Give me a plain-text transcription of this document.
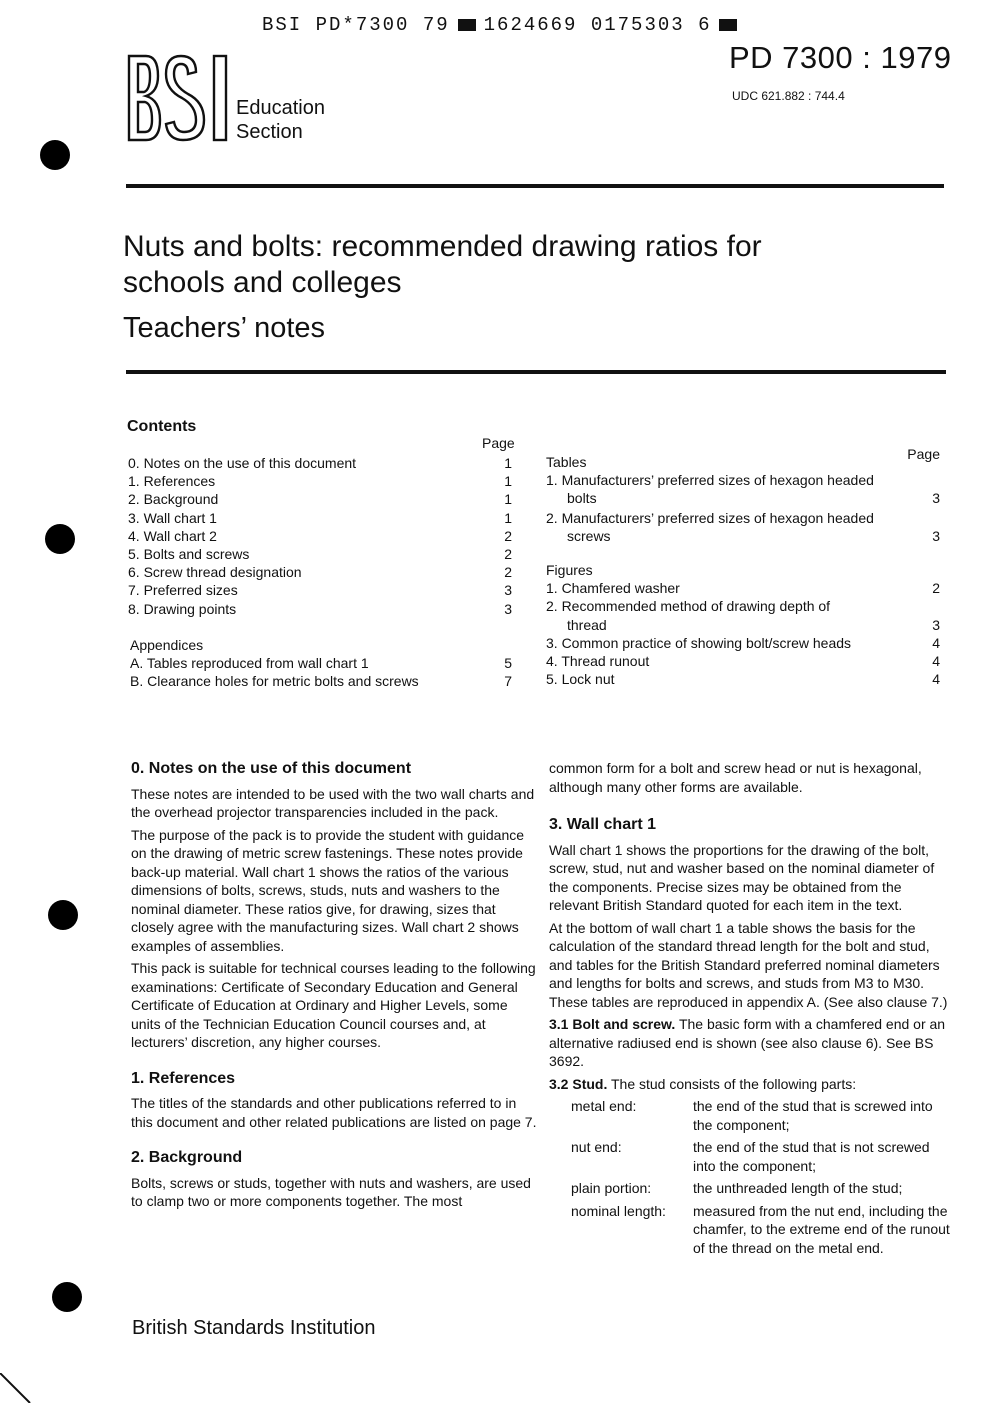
BSI PD*7300 79 1624669 0175303 6
BSI
Education
Section
PD 7300 : 1979
UDC 621.882 : 744.4
Nuts and bolts: recommended drawing ratios for schools and colleges
Teachers’ notes
Contents
Page
0. Notes on the use of this document	1
1. References	1
2. Background	1
3. Wall chart 1	1
4. Wall chart 2	2
5. Bolts and screws	2
6. Screw thread designation	2
7. Preferred sizes	3
8. Drawing points	3
Appendices
A. Tables reproduced from wall chart 1	5
B. Clearance holes for metric bolts and screws	7
Tables	Page
1. Manufacturers’ preferred sizes of hexagon headed
bolts	3
2. Manufacturers’ preferred sizes of hexagon headed
screws	3
Figures
1. Chamfered washer	2
2. Recommended method of drawing depth of
thread	3
3. Common practice of showing bolt/screw heads	4
4. Thread runout	4
5. Lock nut	4
0. Notes on the use of this document

These notes are intended to be used with the two wall charts and the overhead projector transparencies included in the pack.

The purpose of the pack is to provide the student with guidance on the drawing of metric screw fastenings. These notes provide back-up material. Wall chart 1 shows the ratios of the various dimensions of bolts, screws, studs, nuts and washers to the nominal diameter. These ratios give, for drawing, sizes that closely agree with the manufacturing sizes. Wall chart 2 shows examples of assemblies.

This pack is suitable for technical courses leading to the following examinations: Certificate of Secondary Education and General Certificate of Education at Ordinary and Higher Levels, some units of the Technician Education Council courses and, at lecturers’ discretion, any higher courses.

1. References

The titles of the standards and other publications referred to in this document and other related publications are listed on page 7.

2. Background

Bolts, screws or studs, together with nuts and washers, are used to clamp two or more components together. The most

common form for a bolt and screw head or nut is hexagonal, although many other forms are available.

3. Wall chart 1

Wall chart 1 shows the proportions for the drawing of the bolt, screw, stud, nut and washer based on the nominal diameter of the components. Precise sizes may be obtained from the relevant British Standard quoted for each item in the text.

At the bottom of wall chart 1 a table shows the basis for the calculation of the standard thread length for the bolt and stud, and tables for the British Standard preferred nominal diameters and lengths for bolts and screws, and studs from M3 to M30. These tables are reproduced in appendix A. (See also clause 7.)

3.1 Bolt and screw. The basic form with a chamfered end or an alternative radiused end is shown (see also clause 6). See BS 3692.

3.2 Stud. The stud consists of the following parts:

metal end:	the end of the stud that is screwed into the component;
nut end:	the end of the stud that is not screwed into the component;
plain portion:	the unthreaded length of the stud;
nominal length:	measured from the nut end, including the chamfer, to the extreme end of the runout of the thread on the metal end.
British Standards Institution
